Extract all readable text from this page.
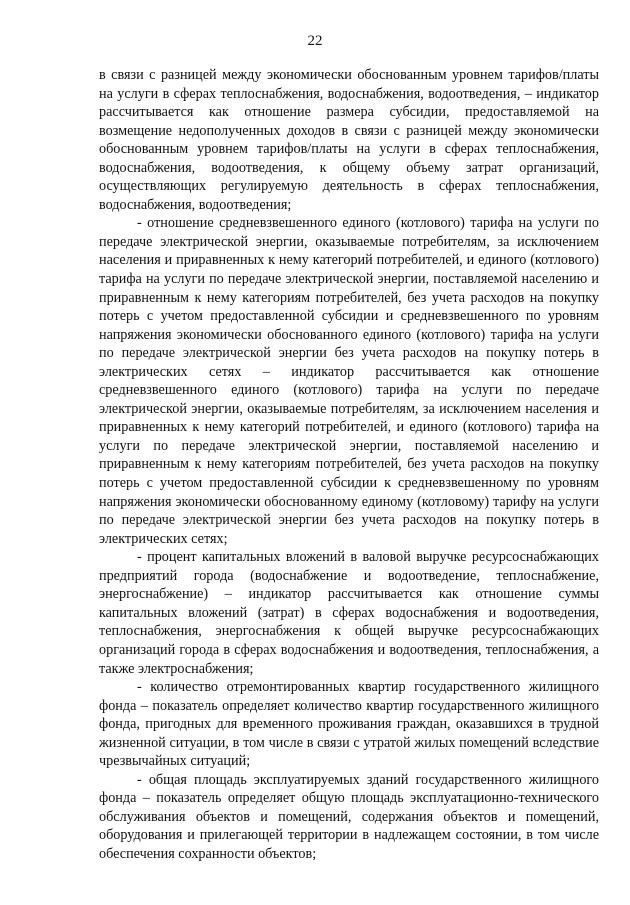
22

в связи с разницей между экономически обоснованным уровнем тарифов/платы на услуги в сферах теплоснабжения, водоснабжения, водоотведения, – индикатор рассчитывается как отношение размера субсидии, предоставляемой на возмещение недополученных доходов в связи с разницей между экономически обоснованным уровнем тарифов/платы на услуги в сферах теплоснабжения, водоснабжения, водоотведения, к общему объему затрат организаций, осуществляющих регулируемую деятельность в сферах теплоснабжения, водоснабжения, водоотведения;

- отношение средневзвешенного единого (котлового) тарифа на услуги по передаче электрической энергии, оказываемые потребителям, за исключением населения и приравненных к нему категорий потребителей, и единого (котлового) тарифа на услуги по передаче электрической энергии, поставляемой населению и приравненным к нему категориям потребителей, без учета расходов на покупку потерь с учетом предоставленной субсидии и средневзвешенного по уровням напряжения экономически обоснованного единого (котлового) тарифа на услуги по передаче электрической энергии без учета расходов на покупку потерь в электрических сетях – индикатор рассчитывается как отношение средневзвешенного единого (котлового) тарифа на услуги по передаче электрической энергии, оказываемые потребителям, за исключением населения и приравненных к нему категорий потребителей, и единого (котлового) тарифа на услуги по передаче электрической энергии, поставляемой населению и приравненным к нему категориям потребителей, без учета расходов на покупку потерь с учетом предоставленной субсидии к средневзвешенному по уровням напряжения экономически обоснованному единому (котловому) тарифу на услуги по передаче электрической энергии без учета расходов на покупку потерь в электрических сетях;

- процент капитальных вложений в валовой выручке ресурсоснабжающих предприятий города (водоснабжение и водоотведение, теплоснабжение, энергоснабжение) – индикатор рассчитывается как отношение суммы капитальных вложений (затрат) в сферах водоснабжения и водоотведения, теплоснабжения, энергоснабжения к общей выручке ресурсоснабжающих организаций города в сферах водоснабжения и водоотведения, теплоснабжения, а также электроснабжения;

- количество отремонтированных квартир государственного жилищного фонда – показатель определяет количество квартир государственного жилищного фонда, пригодных для временного проживания граждан, оказавшихся в трудной жизненной ситуации, в том числе в связи с утратой жилых помещений вследствие чрезвычайных ситуаций;

- общая площадь эксплуатируемых зданий государственного жилищного фонда – показатель определяет общую площадь эксплуатационно-технического обслуживания объектов и помещений, содержания объектов и помещений, оборудования и прилегающей территории в надлежащем состоянии, в том числе обеспечения сохранности объектов;
